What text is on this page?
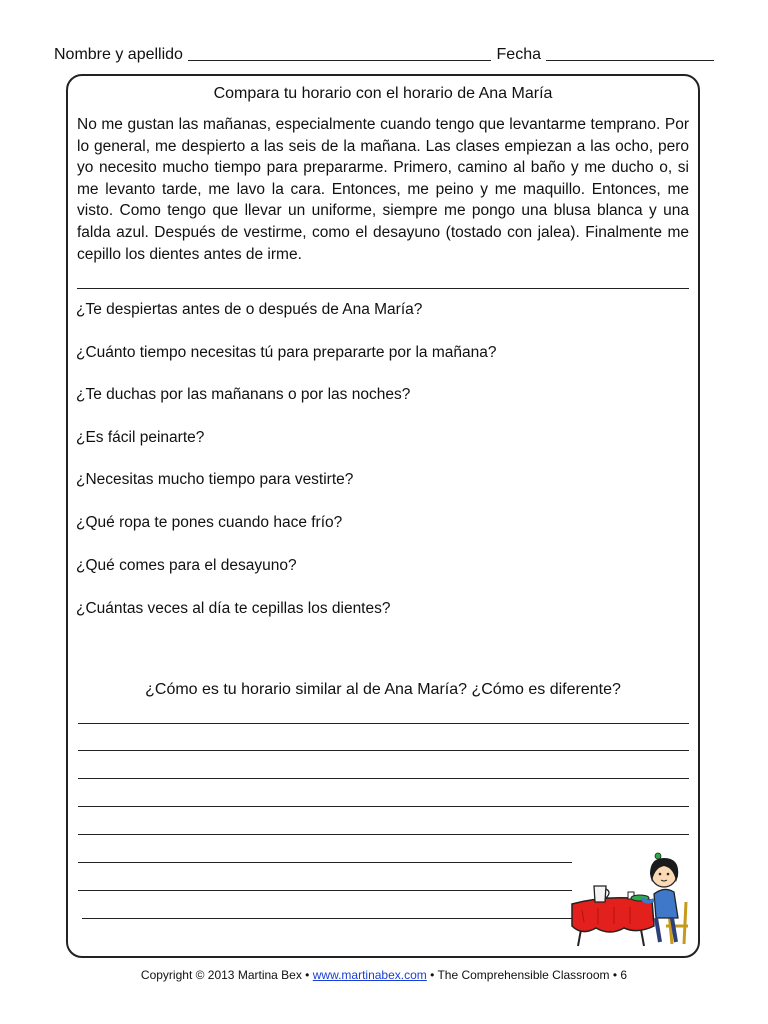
Nombre y apellido	Fecha
Compara tu horario con el horario de Ana María
No me gustan las mañanas, especialmente cuando tengo que levantarme temprano. Por lo general, me despierto a las seis de la mañana. Las clases empiezan a las ocho, pero yo necesito mucho tiempo para prepararme. Primero, camino al baño y me ducho o, si me levanto tarde, me lavo la cara. Entonces, me peino y me maquillo. Entonces, me visto. Como tengo que llevar un uniforme, siempre me pongo una blusa blanca y una falda azul. Después de vestirme, como el desayuno (tostado con jalea). Finalmente me cepillo los dientes antes de irme.
¿Te despiertas antes de o después de Ana María?
¿Cuánto tiempo necesitas tú para prepararte por la mañana?
¿Te duchas por las mañanans o por las noches?
¿Es fácil peinarte?
¿Necesitas mucho tiempo para vestirte?
¿Qué ropa te pones cuando hace frío?
¿Qué comes para el desayuno?
¿Cuántas veces al día te cepillas los dientes?
¿Cómo es tu horario similar al de Ana María? ¿Cómo es diferente?
Copyright © 2013 Martina Bex • www.martinabex.com • The Comprehensible Classroom • 6
